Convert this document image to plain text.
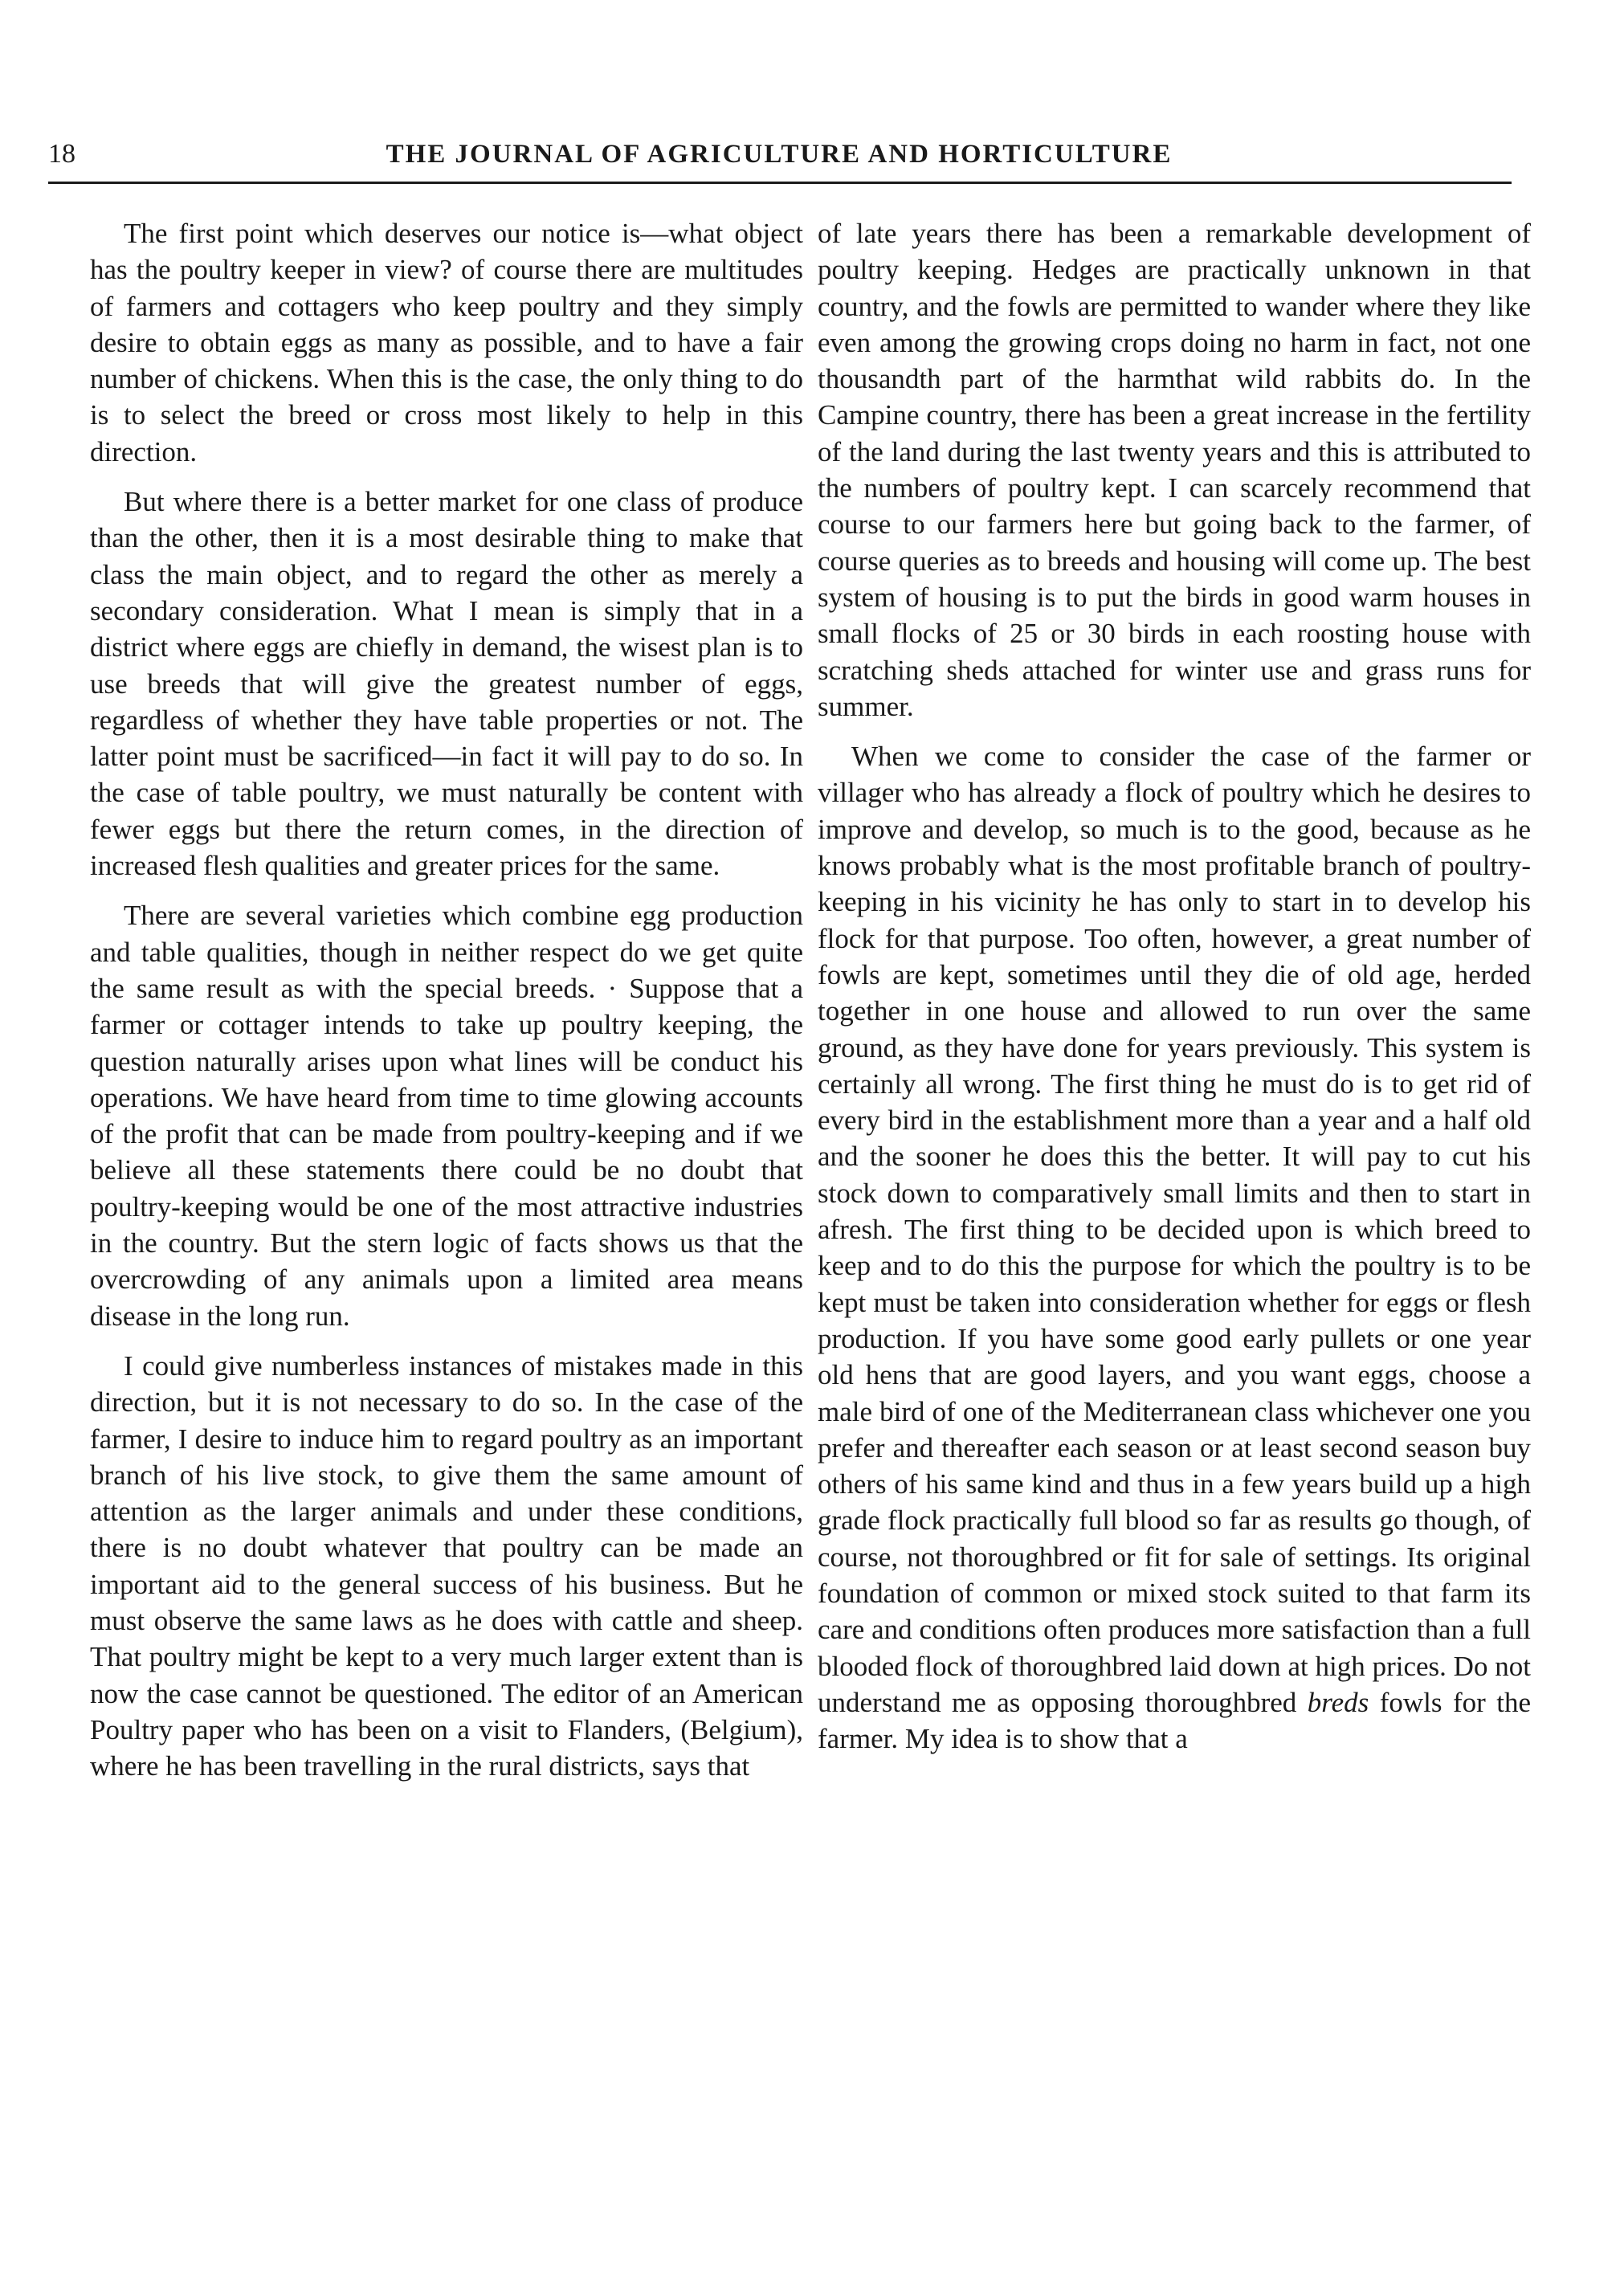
18	THE JOURNAL OF AGRICULTURE AND HORTICULTURE

The first point which deserves our notice is—what object has the poultry keeper in view? of course there are multitudes of farmers and cottagers who keep poultry and they simply desire to obtain eggs as many as possible, and to have a fair number of chickens. When this is the case, the only thing to do is to select the breed or cross most likely to help in this direction.

But where there is a better market for one class of produce than the other, then it is a most desirable thing to make that class the main object, and to regard the other as merely a secondary consideration. What I mean is simply that in a district where eggs are chiefly in demand, the wisest plan is to use breeds that will give the greatest number of eggs, regardless of whether they have table properties or not. The latter point must be sacrificed—in fact it will pay to do so. In the case of table poultry, we must naturally be content with fewer eggs but there the return comes, in the direction of increased flesh qualities and greater prices for the same.

There are several varieties which combine egg production and table qualities, though in neither respect do we get quite the same result as with the special breeds. · Suppose that a farmer or cottager intends to take up poultry keeping, the question naturally arises upon what lines will be conduct his operations. We have heard from time to time glowing accounts of the profit that can be made from poultry-keeping and if we believe all these statements there could be no doubt that poultry-keeping would be one of the most attractive industries in the country. But the stern logic of facts shows us that the overcrowding of any animals upon a limited area means disease in the long run.

I could give numberless instances of mistakes made in this direction, but it is not necessary to do so. In the case of the farmer, I desire to induce him to regard poultry as an important branch of his live stock, to give them the same amount of attention as the larger animals and under these conditions, there is no doubt whatever that poultry can be made an important aid to the general success of his business. But he must observe the same laws as he does with cattle and sheep. That poultry might be kept to a very much larger extent than is now the case cannot be questioned. The editor of an American Poultry paper who has been on a visit to Flanders, (Belgium), where he has been travelling in the rural districts, says that

of late years there has been a remarkable development of poultry keeping. Hedges are practically unknown in that country, and the fowls are permitted to wander where they like even among the growing crops doing no harm in fact, not one thousandth part of the harmthat wild rabbits do. In the Campine country, there has been a great increase in the fertility of the land during the last twenty years and this is attributed to the numbers of poultry kept. I can scarcely recommend that course to our farmers here but going back to the farmer, of course queries as to breeds and housing will come up. The best system of housing is to put the birds in good warm houses in small flocks of 25 or 30 birds in each roosting house with scratching sheds attached for winter use and grass runs for summer.

When we come to consider the case of the farmer or villager who has already a flock of poultry which he desires to improve and develop, so much is to the good, because as he knows probably what is the most profitable branch of poultry-keeping in his vicinity he has only to start in to develop his flock for that purpose. Too often, however, a great number of fowls are kept, sometimes until they die of old age, herded together in one house and allowed to run over the same ground, as they have done for years previously. This system is certainly all wrong. The first thing he must do is to get rid of every bird in the establishment more than a year and a half old and the sooner he does this the better. It will pay to cut his stock down to comparatively small limits and then to start in afresh. The first thing to be decided upon is which breed to keep and to do this the purpose for which the poultry is to be kept must be taken into consideration whether for eggs or flesh production. If you have some good early pullets or one year old hens that are good layers, and you want eggs, choose a male bird of one of the Mediterranean class whichever one you prefer and thereafter each season or at least second season buy others of his same kind and thus in a few years build up a high grade flock practically full blood so far as results go though, of course, not thoroughbred or fit for sale of settings. Its original foundation of common or mixed stock suited to that farm its care and conditions often produces more satisfaction than a full blooded flock of thoroughbred laid down at high prices. Do not understand me as opposing thoroughbred breds fowls for the farmer. My idea is to show that a
